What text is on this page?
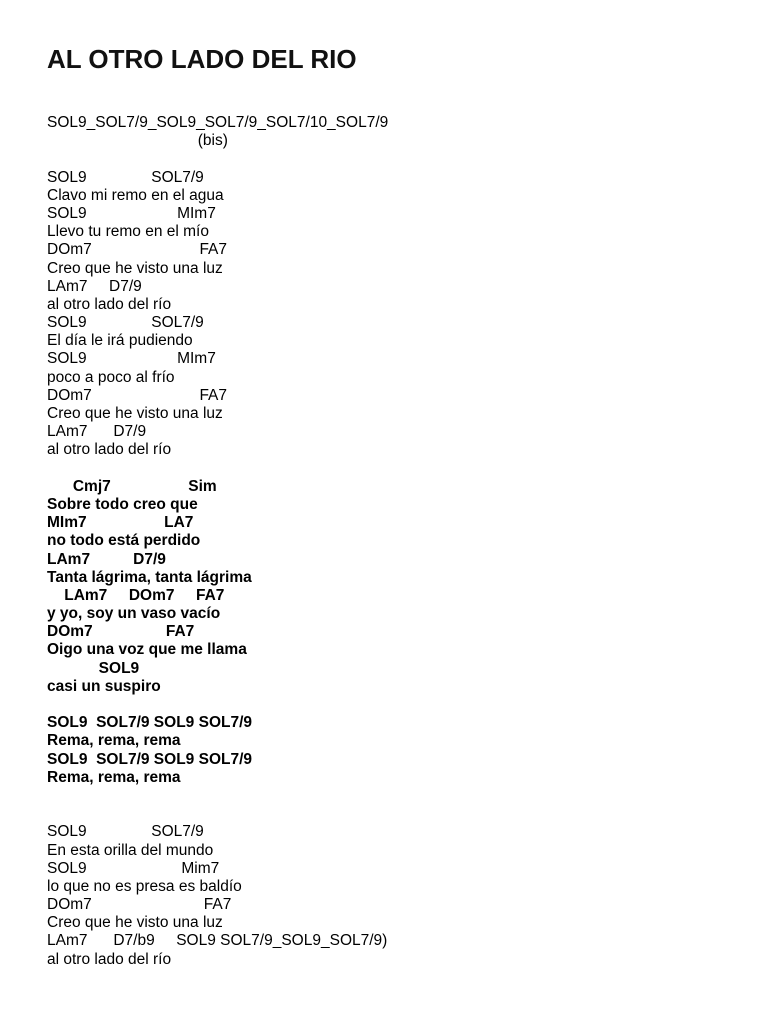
AL OTRO LADO DEL RIO
SOL9_SOL7/9_SOL9_SOL7/9_SOL7/10_SOL7/9
(bis)
SOL9               SOL7/9
Clavo mi remo en el agua
SOL9                     MIm7
Llevo tu remo en el mío
DOm7                         FA7
Creo que he visto una luz
LAm7     D7/9
al otro lado del río
SOL9               SOL7/9
El día le irá pudiendo
SOL9                     MIm7
poco a poco al frío
DOm7                         FA7
Creo que he visto una luz
LAm7      D7/9
al otro lado del río
Cmj7                  Sim
Sobre todo creo que
MIm7                  LA7
no todo está perdido
LAm7          D7/9
Tanta lágrima, tanta lágrima
LAm7     DOm7     FA7
y yo, soy un vaso vacío
DOm7                 FA7
Oigo una voz que me llama
SOL9
casi un suspiro
SOL9  SOL7/9 SOL9 SOL7/9
Rema, rema, rema
SOL9  SOL7/9 SOL9 SOL7/9
Rema, rema, rema
SOL9               SOL7/9
En esta orilla del mundo
SOL9                      Mim7
lo que no es presa es baldío
DOm7                          FA7
Creo que he visto una luz
LAm7      D7/b9     SOL9 SOL7/9_SOL9_SOL7/9)
al otro lado del río
